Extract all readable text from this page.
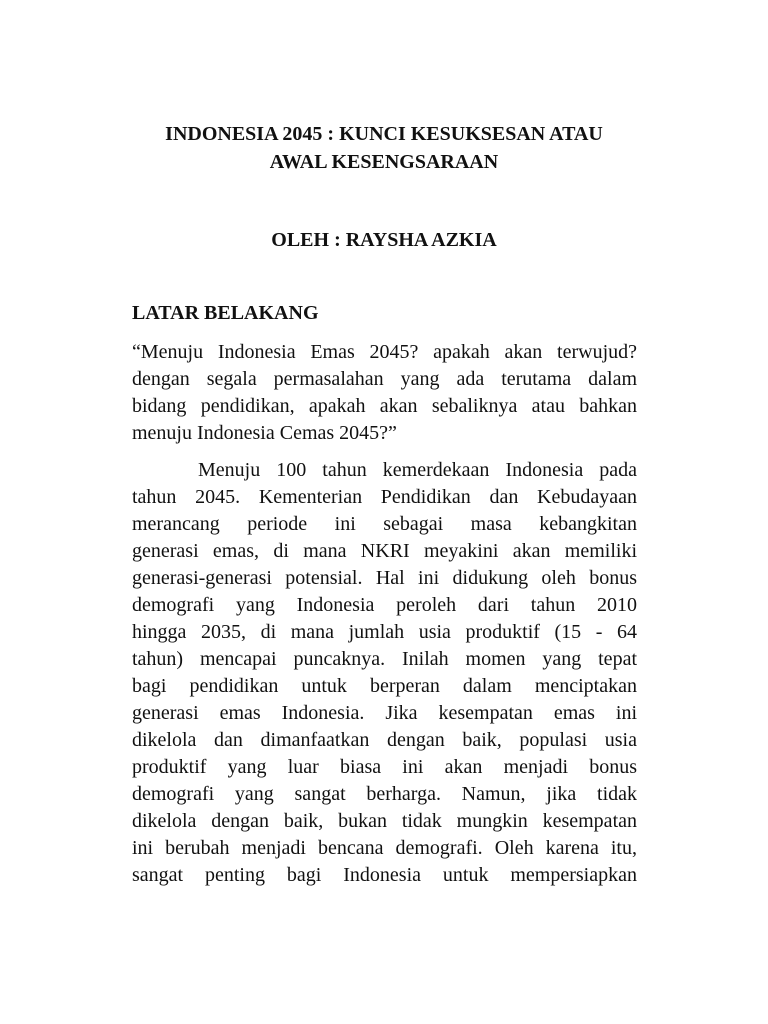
INDONESIA 2045 : KUNCI KESUKSESAN ATAU
AWAL KESENGSARAAN

OLEH : RAYSHA AZKIA

LATAR BELAKANG

“Menuju Indonesia Emas 2045? apakah akan terwujud?
dengan segala permasalahan yang ada terutama dalam
bidang pendidikan, apakah akan sebaliknya atau bahkan
menuju Indonesia Cemas 2045?”

Menuju 100 tahun kemerdekaan Indonesia pada
tahun 2045. Kementerian Pendidikan dan Kebudayaan
merancang periode ini sebagai masa kebangkitan
generasi emas, di mana NKRI meyakini akan memiliki
generasi-generasi potensial. Hal ini didukung oleh bonus
demografi yang Indonesia peroleh dari tahun 2010
hingga 2035, di mana jumlah usia produktif (15 - 64
tahun) mencapai puncaknya. Inilah momen yang tepat
bagi pendidikan untuk berperan dalam menciptakan
generasi emas Indonesia. Jika kesempatan emas ini
dikelola dan dimanfaatkan dengan baik, populasi usia
produktif yang luar biasa ini akan menjadi bonus
demografi yang sangat berharga. Namun, jika tidak
dikelola dengan baik, bukan tidak mungkin kesempatan
ini berubah menjadi bencana demografi. Oleh karena itu,
sangat penting bagi Indonesia untuk mempersiapkan
